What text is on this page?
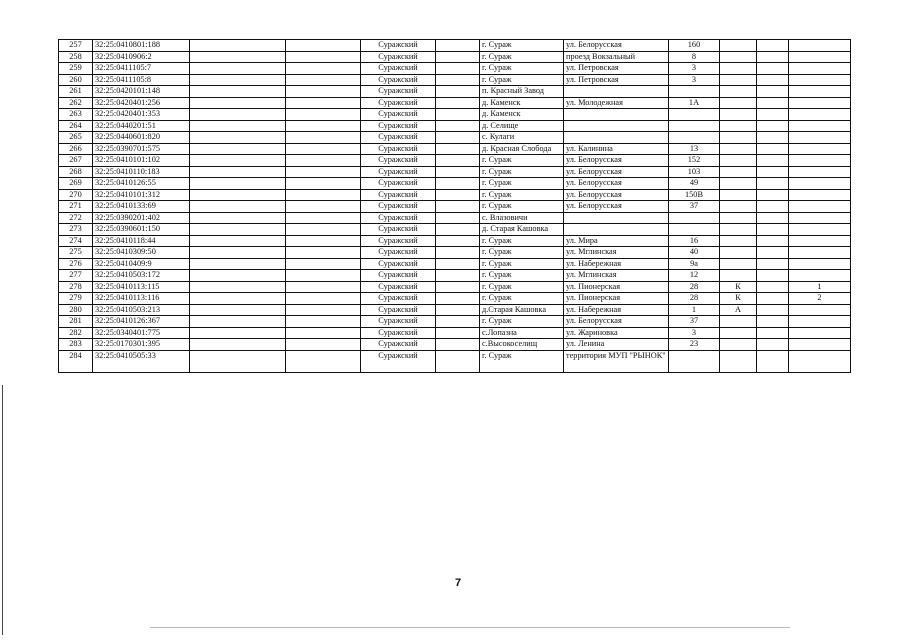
257	32:25:0410801:188			Суражский		г. Сураж	ул. Белорусская	160			
258	32:25:0410906:2			Суражский		г. Сураж	проезд Вокзальный	8			
259	32:25:0411105:7			Суражский		г. Сураж	ул. Петровская	3			
260	32:25:0411105:8			Суражский		г. Сураж	ул. Петровская	3			
261	32:25:0420101:148			Суражский		п. Красный Завод					
262	32:25:0420401:256			Суражский		д. Каменск	ул. Молодежная	1А			
263	32:25:0420401:353			Суражский		д. Каменск					
264	32:25:0440201:51			Суражский		д. Селище					
265	32:25:0440601:820			Суражский		с. Кулаги					
266	32:25:0390701:575			Суражский		д. Красная Слобода	ул. Калинина	13			
267	32:25:0410101:102			Суражский		г. Сураж	ул. Белорусская	152			
268	32:25:0410110:183			Суражский		г. Сураж	ул. Белорусская	103			
269	32:25:0410126:55			Суражский		г. Сураж	ул. Белорусская	49			
270	32:25:0410101:312			Суражский		г. Сураж	ул. Белорусская	150В			
271	32:25:0410133:69			Суражский		г. Сураж	ул. Белорусская	37			
272	32:25:0390201:402			Суражский		с. Влазовичи					
273	32:25:0390601:150			Суражский		д. Старая Кашовка					
274	32:25:0410118:44			Суражский		г. Сураж	ул. Мира	16			
275	32:25:0410309:50			Суражский		г. Сураж	ул. Мглинская	40			
276	32:25:0410409:9			Суражский		г. Сураж	ул. Набережная	9а			
277	32:25:0410503:172			Суражский		г. Сураж	ул. Мглинская	12			
278	32:25:0410113:115			Суражский		г. Сураж	ул. Пионерская	28	К		1
279	32:25:0410113:116			Суражский		г. Сураж	ул. Пионерская	28	К		2
280	32:25:0410503:213			Суражский		д.Старая Кашовка	ул. Набережная	1	А		
281	32:25:0410126:367			Суражский		г. Сураж	ул. Белорусская	37			
282	32:25:0340401:775			Суражский		с.Лопазна	ул. Жариновка	3			
283	32:25:0170301:395			Суражский		с.Высокоселищ	ул. Ленина	23			
284	32:25:0410505:33			Суражский		г. Сураж	территория МУП "РЫНОК"				
7
